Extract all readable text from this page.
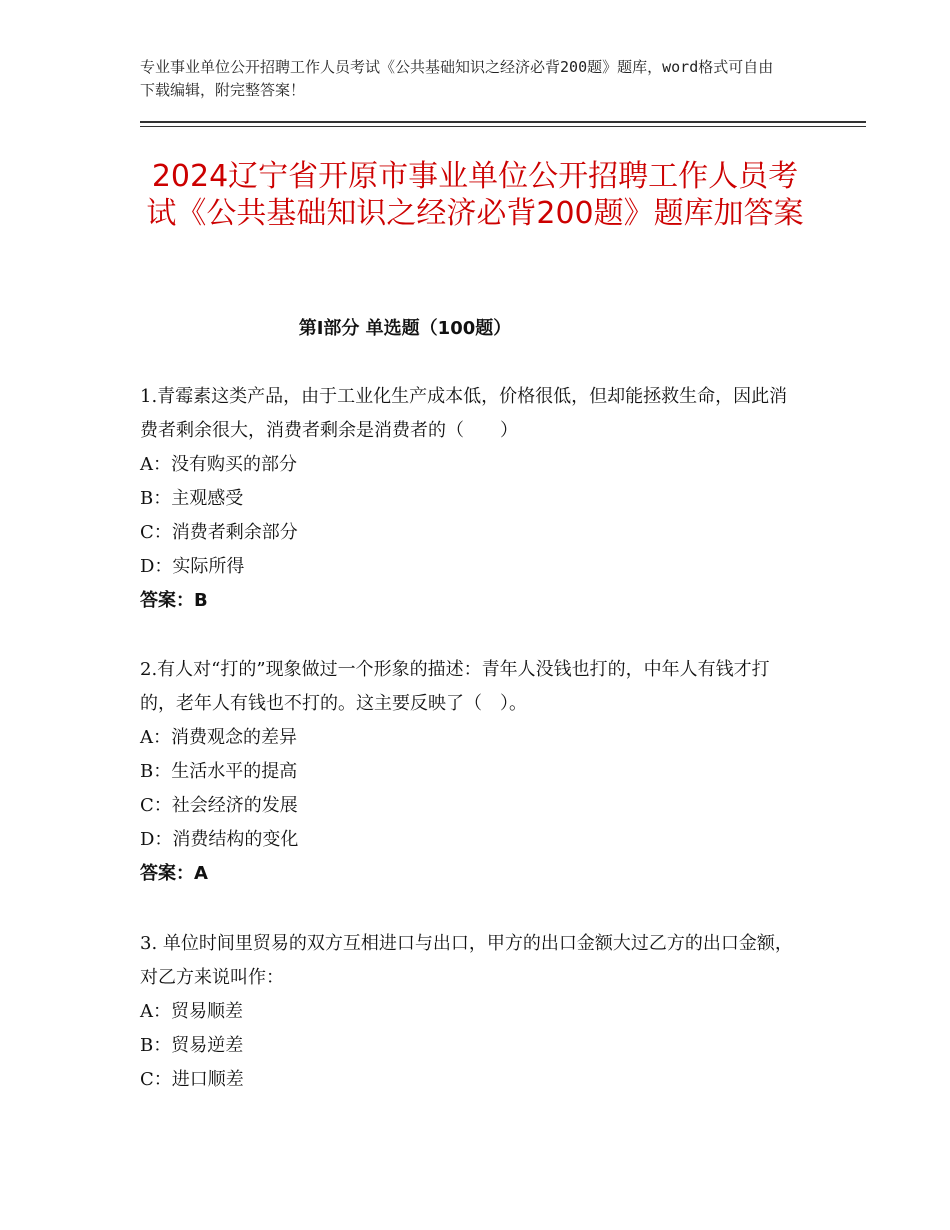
专业事业单位公开招聘工作人员考试《公共基础知识之经济必背200题》题库，word格式可自由下载编辑，附完整答案！
2024辽宁省开原市事业单位公开招聘工作人员考试《公共基础知识之经济必背200题》题库加答案
第Ⅰ部分 单选题（100题）

1.青霉素这类产品，由于工业化生产成本低，价格很低，但却能拯救生命，因此消费者剩余很大，消费者剩余是消费者的（　　）

A：没有购买的部分

B：主观感受

C：消费者剩余部分

D：实际所得

答案：B

2.有人对“打的”现象做过一个形象的描述：青年人没钱也打的，中年人有钱才打的，老年人有钱也不打的。这主要反映了（　）。

A：消费观念的差异

B：生活水平的提高

C：社会经济的发展

D：消费结构的变化

答案：A

3. 单位时间里贸易的双方互相进口与出口，甲方的出口金额大过乙方的出口金额，对乙方来说叫作：

A：贸易顺差

B：贸易逆差

C：进口顺差
